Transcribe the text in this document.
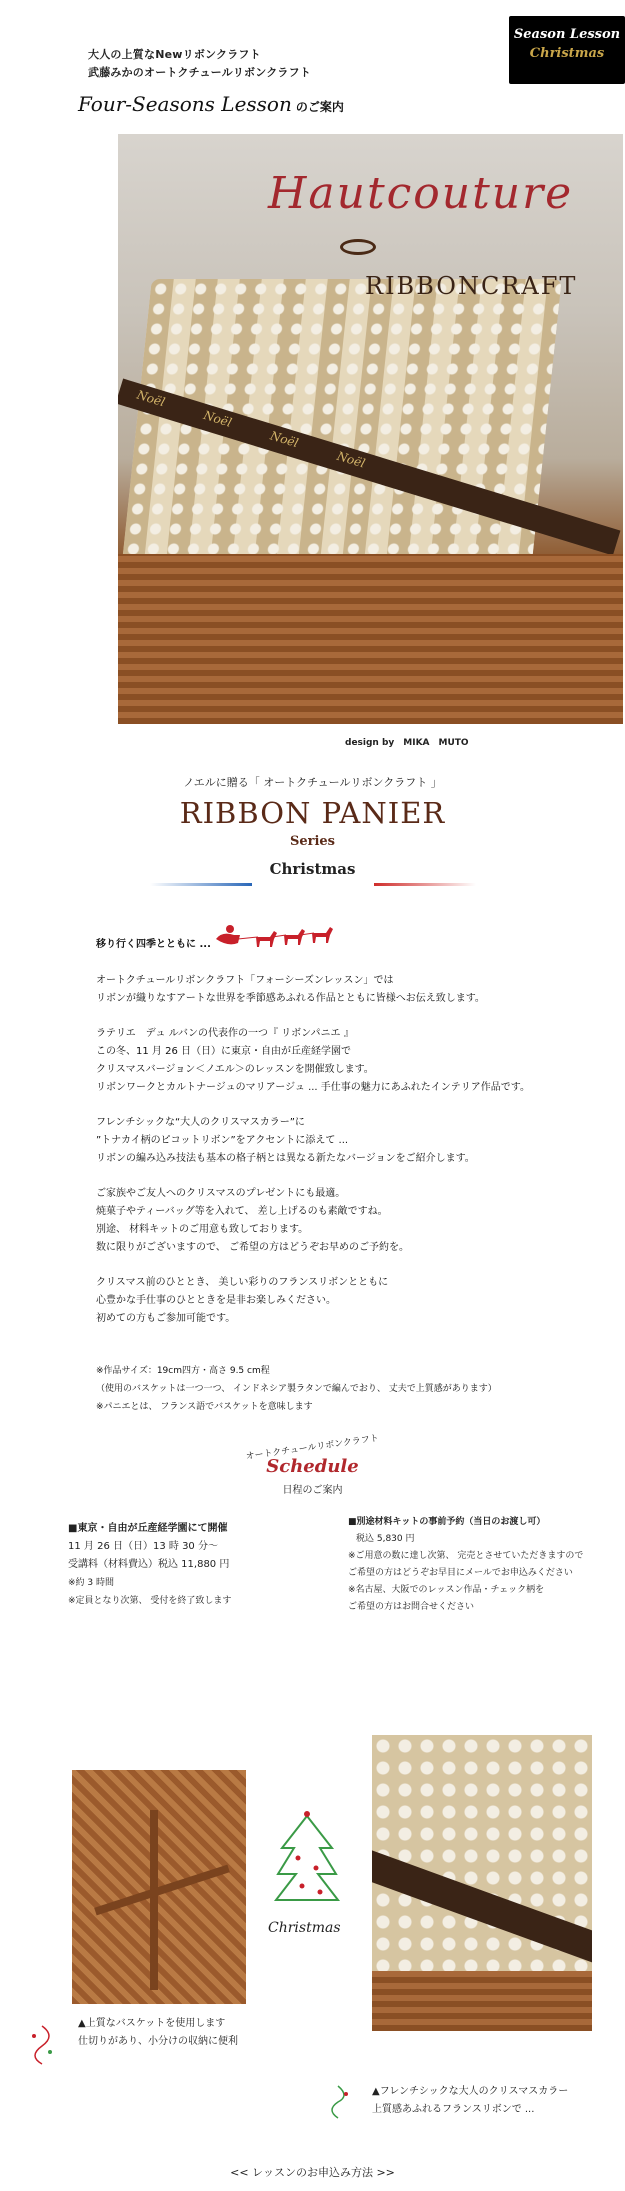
大人の上質なNewリボンクラフト
武藤みかのオートクチュールリボンクラフト
Season Lesson
Christmas
Four-Seasons Lesson のご案内
Noël Noël Noël Noël
Hautcouture
RIBBONCRAFT
design by　MIKA　MUTO
ノエルに贈る「 オートクチュールリボンクラフト 」
RIBBON PANIER
Series
Christmas
移り行く四季とともに ...
オートクチュールリボンクラフト「フォーシーズンレッスン」では
リボンが織りなすアートな世界を季節感あふれる作品とともに皆様へお伝え致します。
ラテリエ　デュ ルバンの代表作の一つ『 リボンパニエ 』
この冬、11 月 26 日（日）に東京・自由が丘産経学園で
クリスマスバージョン＜ノエル＞のレッスンを開催致します。
リボンワークとカルトナージュのマリアージュ ... 手仕事の魅力にあふれたインテリア作品です。
フレンチシックな“大人のクリスマスカラー”に
”トナカイ柄のピコットリボン”をアクセントに添えて ...
リボンの編み込み技法も基本の格子柄とは異なる新たなバージョンをご紹介します。
ご家族やご友人へのクリスマスのプレゼントにも最適。
焼菓子やティーバッグ等を入れて、 差し上げるのも素敵ですね。
別途、 材料キットのご用意も致しております。
数に限りがございますので、 ご希望の方はどうぞお早めのご予約を。
クリスマス前のひととき、 美しい彩りのフランスリボンとともに
心豊かな手仕事のひとときを是非お楽しみください。
初めての方もご参加可能です。
※作品サイズ：19cm四方・高さ 9.5 cm程
（使用のバスケットは一つ一つ、 インドネシア製ラタンで編んでおり、 丈夫で上質感があります）
※パニエとは、 フランス語でバスケットを意味します
オートクチュールリボンクラフト
Schedule
日程のご案内
■東京・自由が丘産経学園にて開催
11 月 26 日（日）13 時 30 分～
受講料（材料費込）税込 11,880 円
※約 3 時間
※定員となり次第、 受付を終了致します
■別途材料キットの事前予約（当日のお渡し可）
税込 5,830 円
※ご用意の数に達し次第、 完売とさせていただきますので
ご希望の方はどうぞお早目にメールでお申込みください
※名古屋、大阪でのレッスン作品・チェック柄を
ご希望の方はお問合せください
Christmas
▲上質なバスケットを使用します
仕切りがあり、小分けの収納に便利
▲フレンチシックな大人のクリスマスカラー
上質感あふれるフランスリボンで ...
<< レッスンのお申込み方法 >>
